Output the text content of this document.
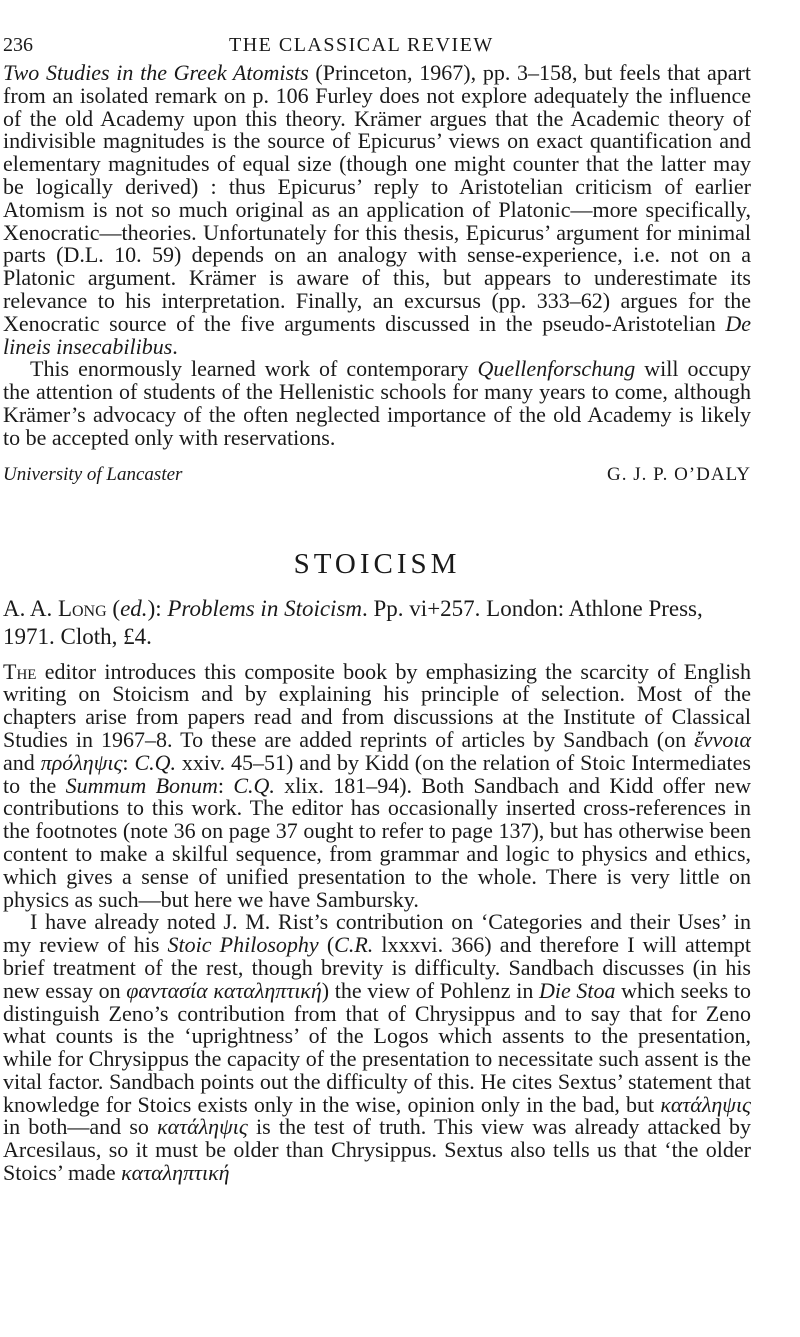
236	THE CLASSICAL REVIEW

Two Studies in the Greek Atomists (Princeton, 1967), pp. 3–158, but feels that apart from an isolated remark on p. 106 Furley does not explore adequately the influence of the old Academy upon this theory. Krämer argues that the Academic theory of indivisible magnitudes is the source of Epicurus’ views on exact quantification and elementary magnitudes of equal size (though one might counter that the latter may be logically derived) : thus Epicurus’ reply to Aristotelian criticism of earlier Atomism is not so much original as an application of Platonic—more specifically, Xenocratic—theories. Unfortunately for this thesis, Epicurus’ argument for minimal parts (D.L. 10. 59) depends on an analogy with sense-experience, i.e. not on a Platonic argument. Krämer is aware of this, but appears to underestimate its relevance to his interpretation. Finally, an excursus (pp. 333–62) argues for the Xenocratic source of the five arguments discussed in the pseudo-Aristotelian De lineis insecabilibus.

This enormously learned work of contemporary Quellenforschung will occupy the attention of students of the Hellenistic schools for many years to come, although Krämer’s advocacy of the often neglected importance of the old Academy is likely to be accepted only with reservations.

University of Lancaster	G. J. P. O’DALY
STOICISM

A. A. Long (ed.): Problems in Stoicism. Pp. vi+257. London: Athlone Press, 1971. Cloth, £4.

The editor introduces this composite book by emphasizing the scarcity of English writing on Stoicism and by explaining his principle of selection. Most of the chapters arise from papers read and from discussions at the Institute of Classical Studies in 1967–8. To these are added reprints of articles by Sandbach (on ἔννοια and πρόληψις: C.Q. xxiv. 45–51) and by Kidd (on the relation of Stoic Intermediates to the Summum Bonum: C.Q. xlix. 181–94). Both Sandbach and Kidd offer new contributions to this work. The editor has occasionally inserted cross-references in the footnotes (note 36 on page 37 ought to refer to page 137), but has otherwise been content to make a skilful sequence, from grammar and logic to physics and ethics, which gives a sense of unified presentation to the whole. There is very little on physics as such—but here we have Sambursky.

I have already noted J. M. Rist’s contribution on ‘Categories and their Uses’ in my review of his Stoic Philosophy (C.R. lxxxvi. 366) and therefore I will attempt brief treatment of the rest, though brevity is difficulty. Sandbach discusses (in his new essay on φαντασία καταληπτική) the view of Pohlenz in Die Stoa which seeks to distinguish Zeno’s contribution from that of Chrysippus and to say that for Zeno what counts is the ‘uprightness’ of the Logos which assents to the presentation, while for Chrysippus the capacity of the presentation to necessitate such assent is the vital factor. Sandbach points out the difficulty of this. He cites Sextus’ statement that knowledge for Stoics exists only in the wise, opinion only in the bad, but κατάληψις in both—and so κατάληψις is the test of truth. This view was already attacked by Arcesilaus, so it must be older than Chrysippus. Sextus also tells us that ‘the older Stoics’ made καταληπτική
